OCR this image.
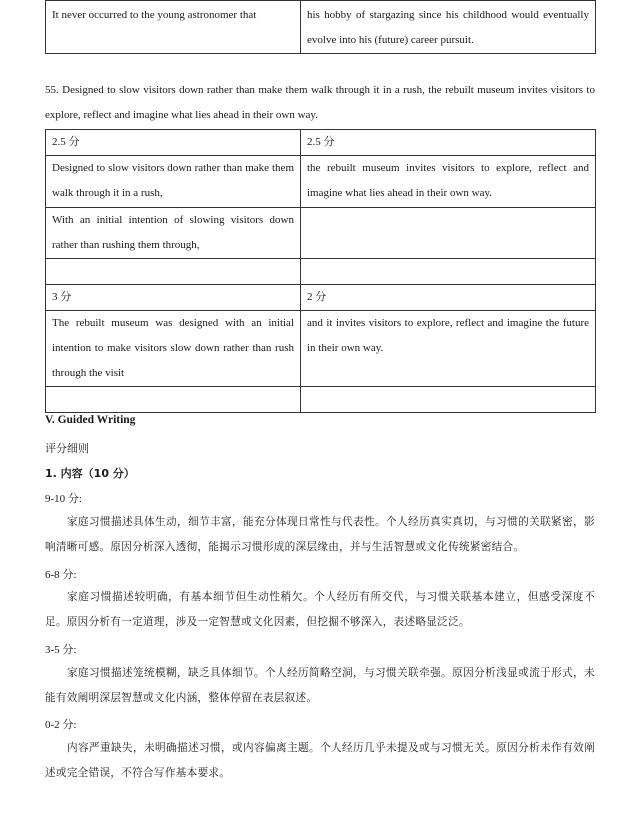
It never occurred to the young astronomer that	his hobby of stargazing since his childhood would eventually evolve into his (future) career pursuit.
55. Designed to slow visitors down rather than make them walk through it in a rush, the rebuilt museum invites visitors to explore, reflect and imagine what lies ahead in their own way.
2.5 分	2.5 分
Designed to slow visitors down rather than make them walk through it in a rush,	the rebuilt museum invites visitors to explore, reflect and imagine what lies ahead in their own way.
With an initial intention of slowing visitors down rather than rushing them through,	

3 分	2 分
The rebuilt museum was designed with an initial intention to make visitors slow down rather than rush through the visit	and it invites visitors to explore, reflect and imagine the future in their own way.

V. Guided Writing
评分细则
1. 内容（10 分）
9-10 分:
家庭习惯描述具体生动，细节丰富，能充分体现日常性与代表性。个人经历真实真切，与习惯的关联紧密，影响清晰可感。原因分析深入透彻，能揭示习惯形成的深层缘由，并与生活智慧或文化传统紧密结合。
6-8 分:
家庭习惯描述较明确，有基本细节但生动性稍欠。个人经历有所交代，与习惯关联基本建立，但感受深度不足。原因分析有一定道理，涉及一定智慧或文化因素，但挖掘不够深入，表述略显泛泛。
3-5 分:
家庭习惯描述笼统模糊，缺乏具体细节。个人经历简略空洞，与习惯关联牵强。原因分析浅显或流于形式，未能有效阐明深层智慧或文化内涵，整体停留在表层叙述。
0-2 分:
内容严重缺失，未明确描述习惯，或内容偏离主题。个人经历几乎未提及或与习惯无关。原因分析未作有效阐述或完全错误，不符合写作基本要求。
